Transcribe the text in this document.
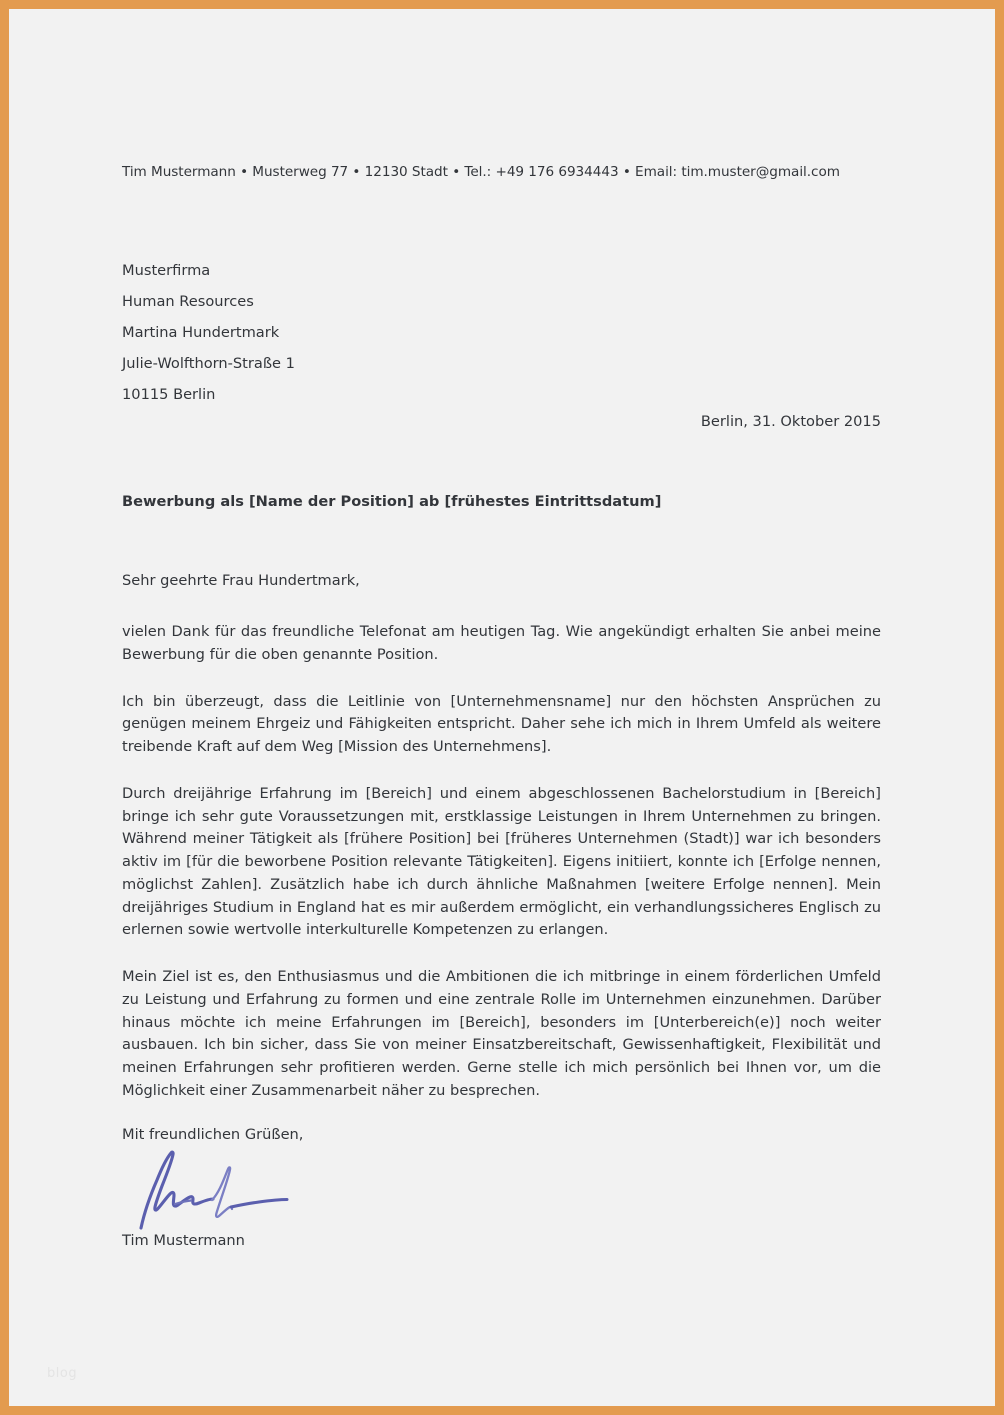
Tim Mustermann • Musterweg 77 • 12130 Stadt • Tel.: +49 176 6934443 • Email: tim.muster@gmail.com
Musterfirma
Human Resources
Martina Hundertmark
Julie-Wolfthorn-Straße 1
10115 Berlin
Berlin, 31. Oktober 2015
Bewerbung als [Name der Position] ab [frühestes Eintrittsdatum]
Sehr geehrte Frau Hundertmark,

vielen Dank für das freundliche Telefonat am heutigen Tag. Wie angekündigt erhalten Sie anbei meine Bewerbung für die oben genannte Position.

Ich bin überzeugt, dass die Leitlinie von [Unternehmensname] nur den höchsten Ansprüchen zu genügen meinem Ehrgeiz und Fähigkeiten entspricht. Daher sehe ich mich in Ihrem Umfeld als weitere treibende Kraft auf dem Weg [Mission des Unternehmens].

Durch dreijährige Erfahrung im [Bereich] und einem abgeschlossenen Bachelorstudium in [Bereich] bringe ich sehr gute Voraussetzungen mit, erstklassige Leistungen in Ihrem Unternehmen zu bringen. Während meiner Tätigkeit als [frühere Position] bei [früheres Unternehmen (Stadt)] war ich besonders aktiv im [für die beworbene Position relevante Tätigkeiten]. Eigens initiiert, konnte ich [Erfolge nennen, möglichst Zahlen]. Zusätzlich habe ich durch ähnliche Maßnahmen [weitere Erfolge nennen]. Mein dreijähriges Studium in England hat es mir außerdem ermöglicht, ein verhandlungssicheres Englisch zu erlernen sowie wertvolle interkulturelle Kompetenzen zu erlangen.

Mein Ziel ist es, den Enthusiasmus und die Ambitionen die ich mitbringe in einem förderlichen Umfeld zu Leistung und Erfahrung zu formen und eine zentrale Rolle im Unternehmen einzunehmen. Darüber hinaus möchte ich meine Erfahrungen im [Bereich], besonders im [Unterbereich(e)] noch weiter ausbauen. Ich bin sicher, dass Sie von meiner Einsatzbereitschaft, Gewissenhaftigkeit, Flexibilität und meinen Erfahrungen sehr profitieren werden. Gerne stelle ich mich persönlich bei Ihnen vor, um die Möglichkeit einer Zusammenarbeit näher zu besprechen.

Mit freundlichen Grüßen,
Tim Mustermann
blog
